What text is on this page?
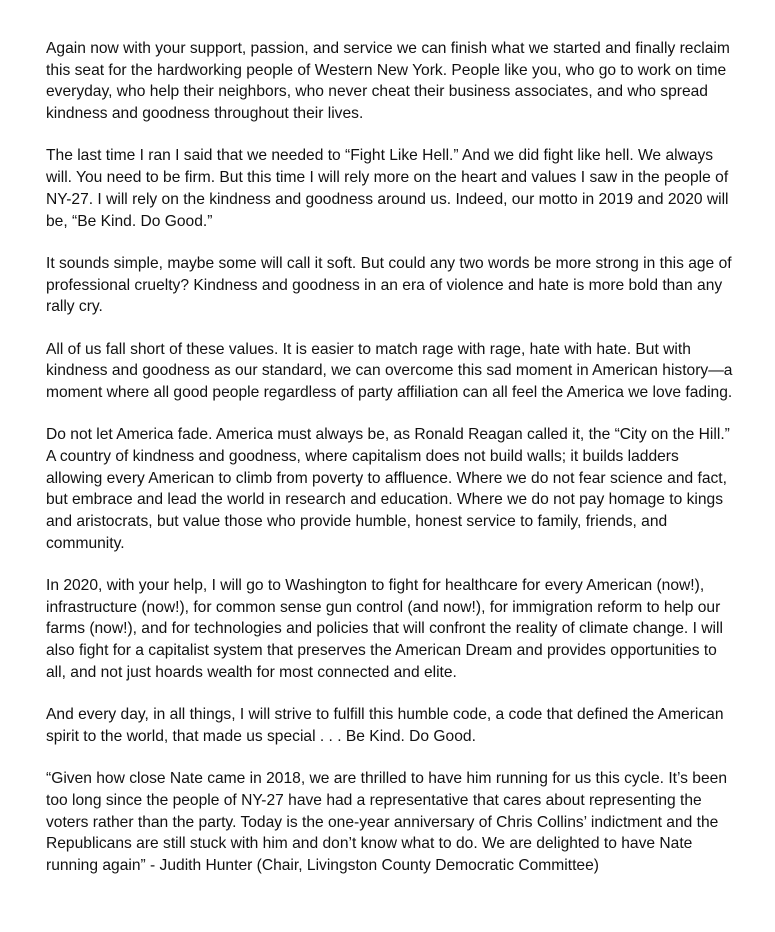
Again now with your support, passion, and service we can finish what we started and finally reclaim this seat for the hardworking people of Western New York. People like you, who go to work on time everyday, who help their neighbors, who never cheat their business associates, and who spread kindness and goodness throughout their lives.

The last time I ran I said that we needed to “Fight Like Hell.” And we did fight like hell. We always will. You need to be firm. But this time I will rely more on the heart and values I saw in the people of NY-27. I will rely on the kindness and goodness around us. Indeed, our motto in 2019 and 2020 will be, “Be Kind. Do Good.”

It sounds simple, maybe some will call it soft. But could any two words be more strong in this age of professional cruelty? Kindness and goodness in an era of violence and hate is more bold than any rally cry.

All of us fall short of these values. It is easier to match rage with rage, hate with hate. But with kindness and goodness as our standard, we can overcome this sad moment in American history—a moment where all good people regardless of party affiliation can all feel the America we love fading.

Do not let America fade. America must always be, as Ronald Reagan called it, the “City on the Hill.” A country of kindness and goodness, where capitalism does not build walls; it builds ladders allowing every American to climb from poverty to affluence. Where we do not fear science and fact, but embrace and lead the world in research and education. Where we do not pay homage to kings and aristocrats, but value those who provide humble, honest service to family, friends, and community.

In 2020, with your help, I will go to Washington to fight for healthcare for every American (now!), infrastructure (now!), for common sense gun control (and now!), for immigration reform to help our farms (now!), and for technologies and policies that will confront the reality of climate change. I will also fight for a capitalist system that preserves the American Dream and provides opportunities to all, and not just hoards wealth for most connected and elite.

And every day, in all things, I will strive to fulfill this humble code, a code that defined the American spirit to the world, that made us special . . . Be Kind. Do Good.

“Given how close Nate came in 2018, we are thrilled to have him running for us this cycle. It’s been too long since the people of NY-27 have had a representative that cares about representing the voters rather than the party. Today is the one-year anniversary of Chris Collins’ indictment and the Republicans are still stuck with him and don’t know what to do. We are delighted to have Nate running again” - Judith Hunter (Chair, Livingston County Democratic Committee)
